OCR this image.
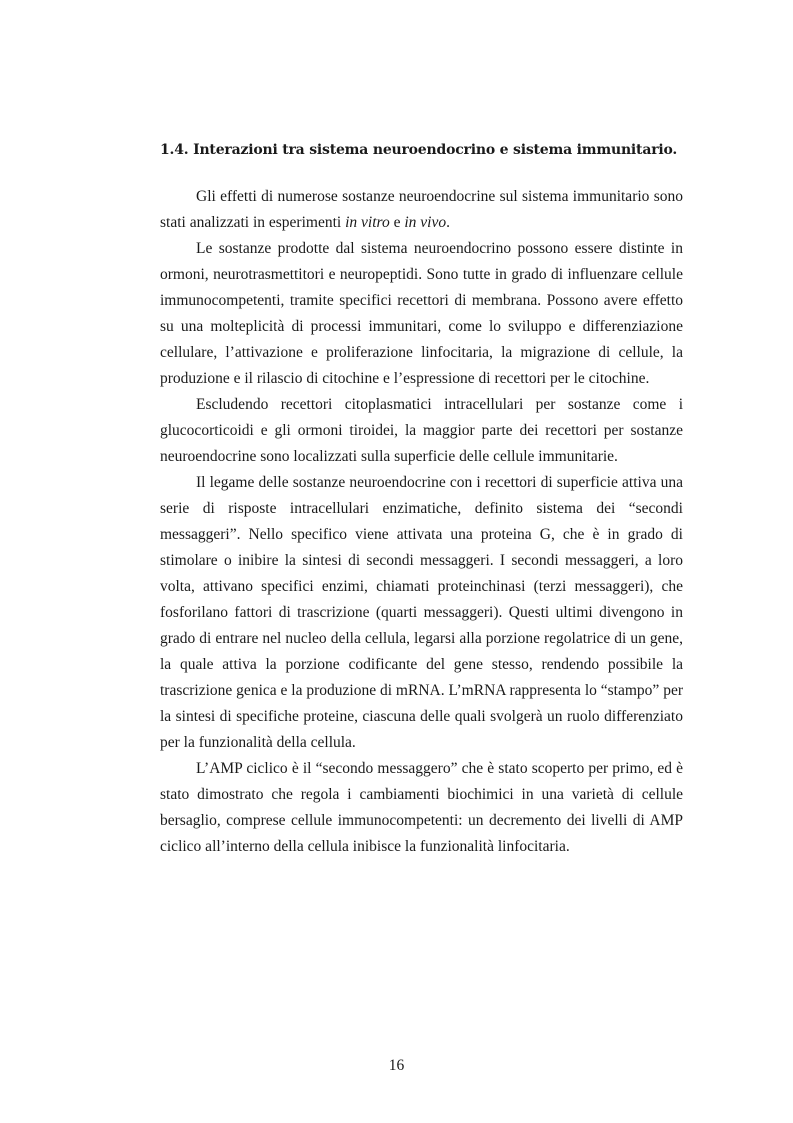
1.4. Interazioni tra sistema neuroendocrino e sistema immunitario.

Gli effetti di numerose sostanze neuroendocrine sul sistema immunitario sono stati analizzati in esperimenti in vitro e in vivo.

Le sostanze prodotte dal sistema neuroendocrino possono essere distinte in ormoni, neurotrasmettitori e neuropeptidi. Sono tutte in grado di influenzare cellule immunocompetenti, tramite specifici recettori di membrana. Possono avere effetto su una molteplicità di processi immunitari, come lo sviluppo e differenziazione cellulare, l’attivazione e proliferazione linfocitaria, la migrazione di cellule, la produzione e il rilascio di citochine e l’espressione di recettori per le citochine.

Escludendo recettori citoplasmatici intracellulari per sostanze come i glucocorticoidi e gli ormoni tiroidei, la maggior parte dei recettori per sostanze neuroendocrine sono localizzati sulla superficie delle cellule immunitarie.

Il legame delle sostanze neuroendocrine con i recettori di superficie attiva una serie di risposte intracellulari enzimatiche, definito sistema dei “secondi messaggeri”. Nello specifico viene attivata una proteina G, che è in grado di stimolare o inibire la sintesi di secondi messaggeri. I secondi messaggeri, a loro volta, attivano specifici enzimi, chiamati proteinchinasi (terzi messaggeri), che fosforilano fattori di trascrizione (quarti messaggeri). Questi ultimi divengono in grado di entrare nel nucleo della cellula, legarsi alla porzione regolatrice di un gene, la quale attiva la porzione codificante del gene stesso, rendendo possibile la trascrizione genica e la produzione di mRNA. L’mRNA rappresenta lo “stampo” per la sintesi di specifiche proteine, ciascuna delle quali svolgerà un ruolo differenziato per la funzionalità della cellula.

L’AMP ciclico è il “secondo messaggero” che è stato scoperto per primo, ed è stato dimostrato che regola i cambiamenti biochimici in una varietà di cellule bersaglio, comprese cellule immunocompetenti: un decremento dei livelli di AMP ciclico all’interno della cellula inibisce la funzionalità linfocitaria.

16
